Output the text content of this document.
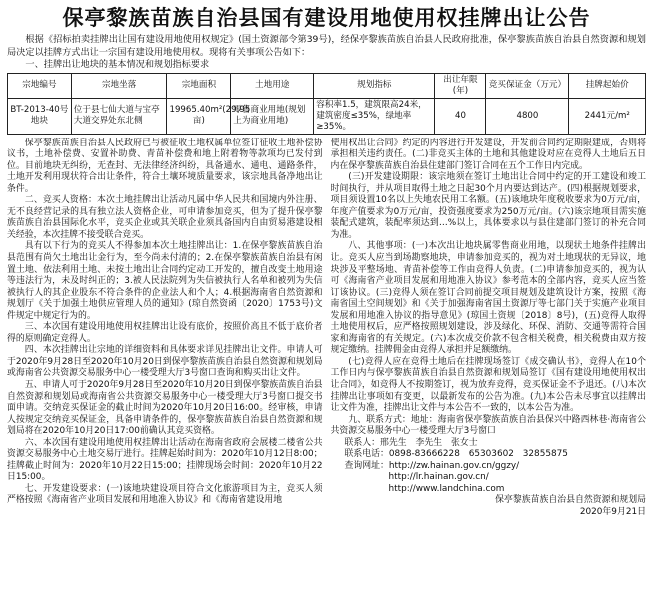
保亭黎族苗族自治县国有建设用地使用权挂牌出让公告

根据《招标拍卖挂牌出让国有建设用地使用权规定》(国土资源部令第39号)，经保亭黎族苗族自治县人民政府批准，保亭黎族苗族自治县自然资源和规划局决定以挂牌方式出让一宗国有建设用地使用权。现将有关事项公告如下：

一、挂牌出让地块的基本情况和规划指标要求

宗地编号	宗地坐落	宗地面积	土地用途	规划指标	出让年限(年)	竞买保证金（万元）	挂牌起始价
BT-2013-40号地块	位于县七仙大道与宝亭大道交界处东北侧	19965.40m²(29.95亩)	零售商业用地(规划上为商业用地)	容积率1.5，建筑限高24米，建筑密度≤35%，绿地率≥35%。	40	4800	2441元/m²

保亭黎族苗族自治县人民政府已与被征收土地权属单位签订征收土地补偿协议书，土地补偿费、安置补助费、青苗补偿费和地上附着物等款项均已发付到位。目前地块无纠纷，无查封、无法律经济纠纷，具备通水、通电、通路条件，土地开发利用现状符合出让条件，符合土壤环境质量要求，该宗地具备净地出让条件。

二、竞买人资格：本次土地挂牌出让活动凡属中华人民共和国境内外注册、无不良经营记录的具有独立法人资格企业，可申请参加竞买，但为了提升保亭黎族苗族自治县国际化水平，竞买企业或其关联企业须具备国内自由贸易港建设相关经验，本次挂牌不接受联合竞买。

具有以下行为的竞买人不得参加本次土地挂牌出让：1.在保亭黎族苗族自治县范围有尚欠土地出让金行为，至今尚未付清的；2.在保亭黎族苗族自治县有闲置土地、依法利用土地、未按土地出让合同约定动工开发的，擅自改变土地用途等违法行为，未及时纠正的；3.被人民法院列为失信被执行人名单和被列为失信被执行人的其企业股东不符合条件的企业法人和个人；4.根据海南省自然资源和规划厅《关于加强土地供应管理人员的通知》(琼自然资函〔2020〕1753号)文件规定中规定行为的。

三、本次国有建设用地使用权挂牌出让设有底价，按照价高且不低于底价者得的原则确定竞得人。

四、本次挂牌出让宗地的详细资料和具体要求详见挂牌出让文件。申请人可于2020年9月28日至2020年10月20日到保亭黎族苗族自治县自然资源和规划局或海南省公共资源交易服务中心一楼受理大厅3号窗口查询和购买出让文件。

五、申请人可于2020年9月28日至2020年10月20日到保亭黎族苗族自治县自然资源和规划局或海南省公共资源交易服务中心一楼受理大厅3号窗口提交书面申请。交纳竞买保证金的截止时间为2020年10月20日16:00。经审核，申请人按规定交纳竞买保证金，具备申请条件的，保亭黎族苗族自治县自然资源和规划局将在2020年10月20日17:00前确认其竞买资格。

六、本次国有建设用地使用权挂牌出让活动在海南省政府会展楼二楼省公共资源交易服务中心土地交易厅进行。挂牌起始时间为：2020年10月12日8:00；挂牌截止时间为：2020年10月22日15:00；挂牌现场会时间：2020年10月22日15:00。

七、开发建设要求：(一)该地块建设项目符合文化旅游项目为主，竞买人须严格按照《海南省产业项目发展和用地准入协议》和《海南省建设用地

使用权出让合同》约定的内容进行开发建设，开发前合同约定期限建成，否则将承担相关违约责任。(二)非竞买主体的土地和其他建设对应在竞得人土地后五日内在保亭黎族苗族自治县住建部门签订合同在五个工作日内完成。

(三)开发建设期限：该宗地须在签订土地出让合同中约定的开工建设和竣工时间执行，并从项目取得土地之日起30个月内要达到达产。(四)根据规划要求，项目须设置10名以上失地农民用工名额。(五)该地块年度税收要求为0万元/亩，年度产值要求为0万元/亩，投资强度要求为250万元/亩。(六)该宗地项目需实施装配式建筑，装配率须达到…%以上，具体要求以与县住建部门签订的补充合同为准。

八、其他事项：(一)本次出让地块属零售商业用地，以现状土地条件挂牌出让。竞买人应当到场勘察地块，申请参加竞买的，视为对土地现状的无异议，地块涉及平整场地、青苗补偿等工作由竞得人负责。(二)申请参加竞买的，视为认可《海南省产业项目发展和用地准入协议》参考范本的全部内容，竞买人应当签订该协议。(三)竞得人须在签订合同前提交项目规划及建筑设计方案，按照《海南省国土空间规划》和《关于加强海南省国土资源厅等七部门关于实施产业项目发展和用地准入协议的指导意见》(琼国土资规〔2018〕8号)，(五)竞得人取得土地使用权后，应严格按照规划建设，涉及绿化、环保、消防、交通等需符合国家和海南省的有关规定。(六)本次成交价款不包含相关税费，相关税费由双方按规定缴纳。挂牌佣金由竞得人承担并足额缴纳。

(七)竞得人应在竞得土地后在挂牌现场签订《成交确认书》，竞得人在10个工作日内与保亭黎族苗族自治县自然资源和规划局签订《国有建设用地使用权出让合同》，如竞得人不按期签订，视为放弃竞得，竞买保证金不予退还。(八)本次挂牌出让事项如有变更，以最新发布的公告为准。(九)本公告未尽事宜以挂牌出让文件为准，挂牌出让文件与本公告不一致的，以本公告为准。

九、联系方式：地址：海南省保亭黎族苗族自治县保兴中路西林巷·海南省公共资源交易服务中心一楼受理大厅3号窗口

联系人：邢先生　李先生　张女士

联系电话：0898-83666228　65303602　32855875

查询网址：http://zw.hainan.gov.cn/ggzy/

http://lr.hainan.gov.cn/

http://www.landchina.com

保亭黎族苗族自治县自然资源和规划局

2020年9月21日
